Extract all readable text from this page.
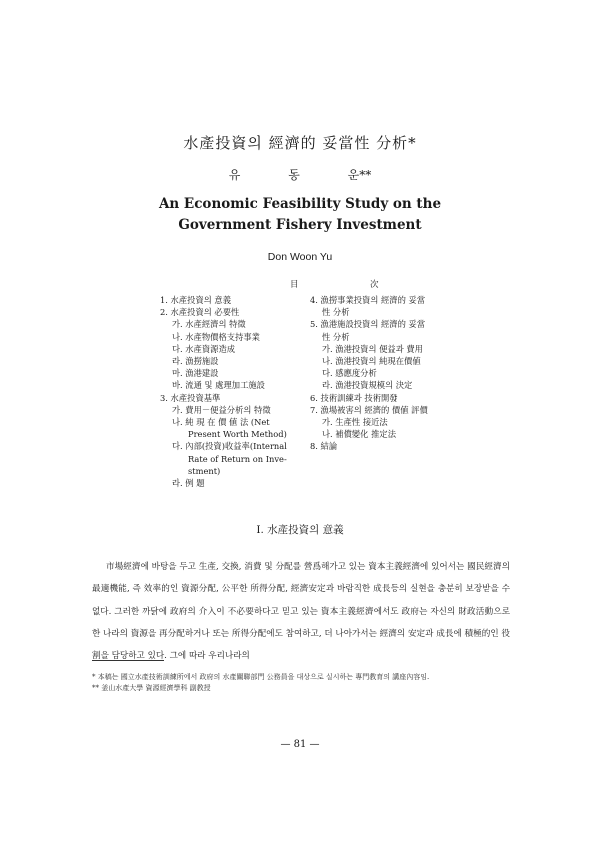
水產投資의 經濟的 妥當性 分析*
유	동	운**
An Economic Feasibility Study on the
Government Fishery Investment
Don Woon Yu
目	次
1. 水產投資의 意義
2. 水產投資의 必要性
가. 水產經濟의 特徵
나. 水產物價格支持事業
다. 水產資源造成
라. 漁撈施設
마. 漁港建設
바. 流通 및 處理加工施設
3. 水產投資基準
가. 費用－便益分析의 特徵
나. 純 現 在 價 値 法 (Net
Present Worth Method)
다. 內部(投資)收益率(Internal
Rate of Return on Inve-
stment)
라. 例 題
4. 漁撈事業投資의 經濟的 妥當
性 分析
5. 漁港施設投資의 經濟的 妥當
性 分析
가. 漁港投資의 便益과 費用
나. 漁港投資의 純現在價値
다. 感應度分析
라. 漁港投資規模의 決定
6. 技術訓練과 技術開發
7. 漁場被害의 經濟的 價値 評價
가. 生產性 接近法
나. 補償變化 推定法
8. 結論
I. 水產投資의 意義

市場經濟에 바탕을 두고 生產, 交換, 消費 및 分配를 營爲해가고 있는 資本主義經濟에 있어서는 國民經濟의 最適機能, 즉 效率的인 資源分配, 公平한 所得分配, 經濟安定과 바람직한 成長등의 실현을 충분히 보장받을 수 없다. 그러한 까닭에 政府의 介入이 不必要하다고 믿고 있는 資本主義經濟에서도 政府는 자신의 財政活動으로 한 나라의 資源을 再分配하거나 또는 所得分配에도 참여하고, 더 나아가서는 經濟의 安定과 成長에 積極的인 役割을 담당하고 있다. 그에 따라 우리나라의

* 本稿는 國立水產技術訓練所에서 政府의 水產關聯部門 公務員을 대상으로 실시하는 專門教育의 講座內容임.
** 釜山水產大學 資源經濟學科 副教授
— 81 —
